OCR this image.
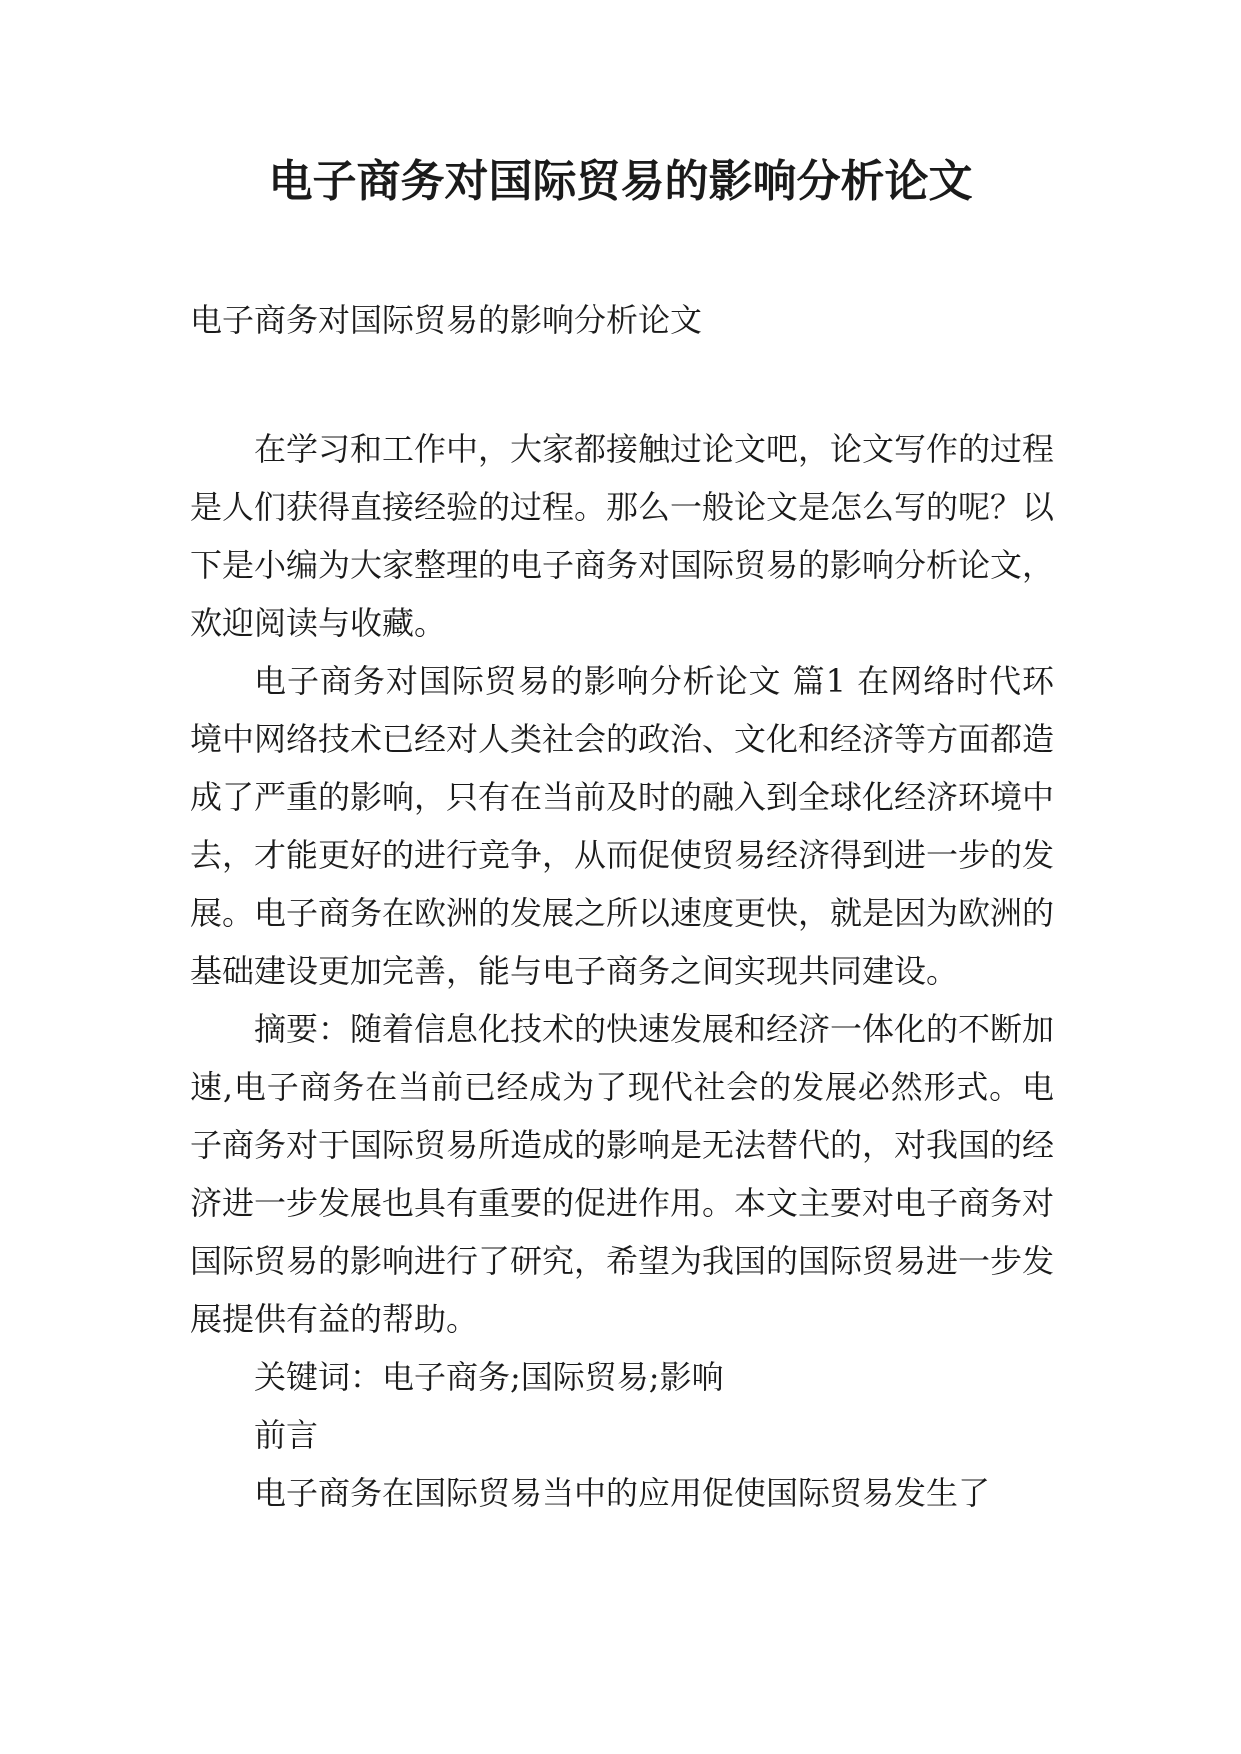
电子商务对国际贸易的影响分析论文
电子商务对国际贸易的影响分析论文

在学习和工作中，大家都接触过论文吧，论文写作的过程是人们获得直接经验的过程。那么一般论文是怎么写的呢？以下是小编为大家整理的电子商务对国际贸易的影响分析论文，欢迎阅读与收藏。

电子商务对国际贸易的影响分析论文 篇1 在网络时代环境中网络技术已经对人类社会的政治、文化和经济等方面都造成了严重的影响，只有在当前及时的融入到全球化经济环境中去，才能更好的进行竞争，从而促使贸易经济得到进一步的发展。电子商务在欧洲的发展之所以速度更快，就是因为欧洲的基础建设更加完善，能与电子商务之间实现共同建设。

摘要：随着信息化技术的快速发展和经济一体化的不断加速,电子商务在当前已经成为了现代社会的发展必然形式。电子商务对于国际贸易所造成的影响是无法替代的，对我国的经济进一步发展也具有重要的促进作用。本文主要对电子商务对国际贸易的影响进行了研究，希望为我国的国际贸易进一步发展提供有益的帮助。

关键词：电子商务;国际贸易;影响

前言

电子商务在国际贸易当中的应用促使国际贸易发生了
